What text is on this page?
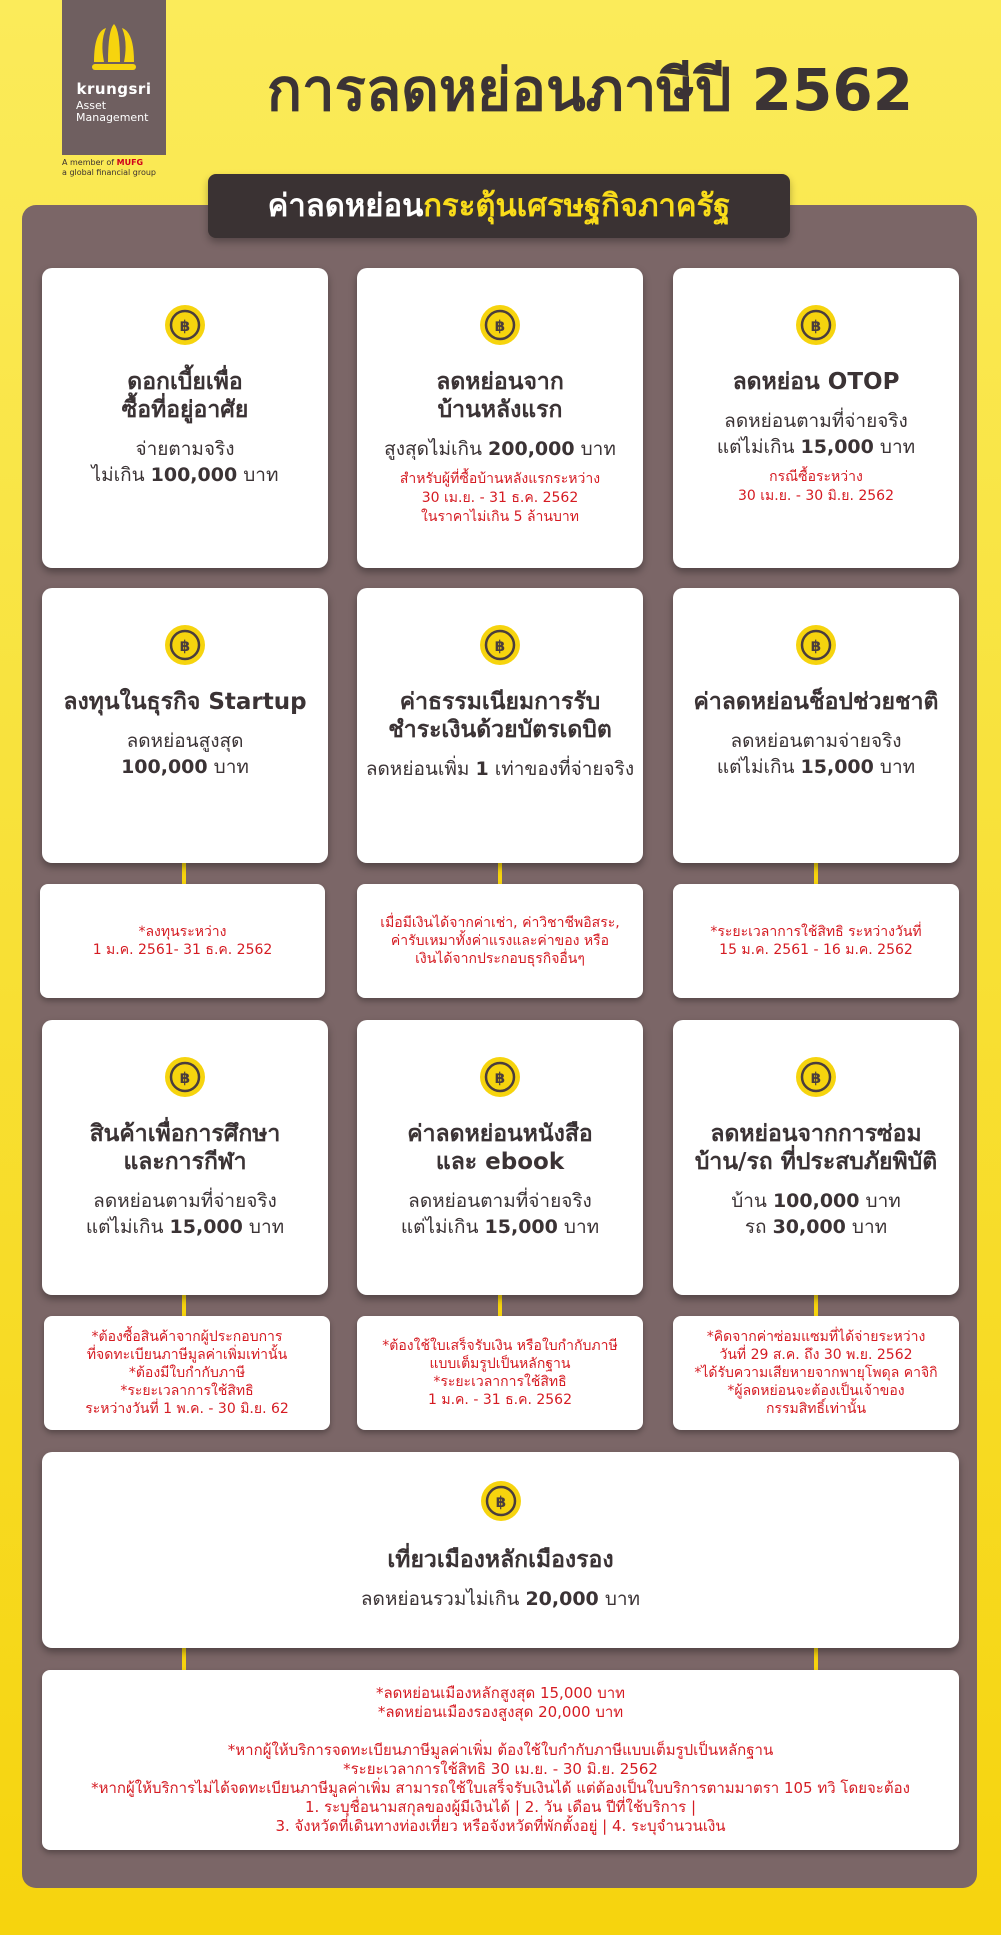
krungsri
Asset
Management
A member of MUFG
a global financial group
การลดหย่อนภาษีปี 2562
ค่าลดหย่อนกระตุ้นเศรษฐกิจภาครัฐ
฿
ดอกเบี้ยเพื่อ
ซื้อที่อยู่อาศัย
จ่ายตามจริง
ไม่เกิน 100,000 บาท
฿
ลดหย่อนจาก
บ้านหลังแรก
สูงสุดไม่เกิน 200,000 บาท
สำหรับผู้ที่ซื้อบ้านหลังแรกระหว่าง
30 เม.ย. - 31 ธ.ค. 2562
ในราคาไม่เกิน 5 ล้านบาท
฿
ลดหย่อน OTOP
ลดหย่อนตามที่จ่ายจริง
แต่ไม่เกิน 15,000 บาท
กรณีซื้อระหว่าง
30 เม.ย. - 30 มิ.ย. 2562
฿
ลงทุนในธุรกิจ Startup
ลดหย่อนสูงสุด
100,000 บาท
฿
ค่าธรรมเนียมการรับ
ชำระเงินด้วยบัตรเดบิต
ลดหย่อนเพิ่ม 1 เท่าของที่จ่ายจริง
฿
ค่าลดหย่อนช็อปช่วยชาติ
ลดหย่อนตามจ่ายจริง
แต่ไม่เกิน 15,000 บาท
*ลงทุนระหว่าง
1 ม.ค. 2561- 31 ธ.ค. 2562
เมื่อมีเงินได้จากค่าเช่า, ค่าวิชาชีพอิสระ,
ค่ารับเหมาทั้งค่าแรงและค่าของ หรือ
เงินได้จากประกอบธุรกิจอื่นๆ
*ระยะเวลาการใช้สิทธิ ระหว่างวันที่
15 ม.ค. 2561 - 16 ม.ค. 2562
฿
สินค้าเพื่อการศึกษา
และการกีฬา
ลดหย่อนตามที่จ่ายจริง
แต่ไม่เกิน 15,000 บาท
฿
ค่าลดหย่อนหนังสือ
และ ebook
ลดหย่อนตามที่จ่ายจริง
แต่ไม่เกิน 15,000 บาท
฿
ลดหย่อนจากการซ่อม
บ้าน/รถ ที่ประสบภัยพิบัติ
บ้าน 100,000 บาท
รถ 30,000 บาท
*ต้องซื้อสินค้าจากผู้ประกอบการ
ที่จดทะเบียนภาษีมูลค่าเพิ่มเท่านั้น
*ต้องมีใบกำกับภาษี
*ระยะเวลาการใช้สิทธิ
ระหว่างวันที่ 1 พ.ค. - 30 มิ.ย. 62
*ต้องใช้ใบเสร็จรับเงิน หรือใบกำกับภาษี
แบบเต็มรูปเป็นหลักฐาน
*ระยะเวลาการใช้สิทธิ
1 ม.ค. - 31 ธ.ค. 2562
*คิดจากค่าซ่อมแซมที่ได้จ่ายระหว่าง
วันที่ 29 ส.ค. ถึง 30 พ.ย. 2562
*ได้รับความเสียหายจากพายุโพดุล คาจิกิ
*ผู้ลดหย่อนจะต้องเป็นเจ้าของ
กรรมสิทธิ์เท่านั้น
฿
เที่ยวเมืองหลักเมืองรอง
ลดหย่อนรวมไม่เกิน 20,000 บาท
*ลดหย่อนเมืองหลักสูงสุด 15,000 บาท
*ลดหย่อนเมืองรองสูงสุด 20,000 บาท
*หากผู้ให้บริการจดทะเบียนภาษีมูลค่าเพิ่ม ต้องใช้ใบกำกับภาษีแบบเต็มรูปเป็นหลักฐาน
*ระยะเวลาการใช้สิทธิ 30 เม.ย. - 30 มิ.ย. 2562
*หากผู้ให้บริการไม่ได้จดทะเบียนภาษีมูลค่าเพิ่ม สามารถใช้ใบเสร็จรับเงินได้ แต่ต้องเป็นใบบริการตามมาตรา 105 ทวิ โดยจะต้อง
1. ระบุชื่อนามสกุลของผู้มีเงินได้ | 2. วัน เดือน ปีที่ใช้บริการ |
3. จังหวัดที่เดินทางท่องเที่ยว หรือจังหวัดที่พักตั้งอยู่ | 4. ระบุจำนวนเงิน
